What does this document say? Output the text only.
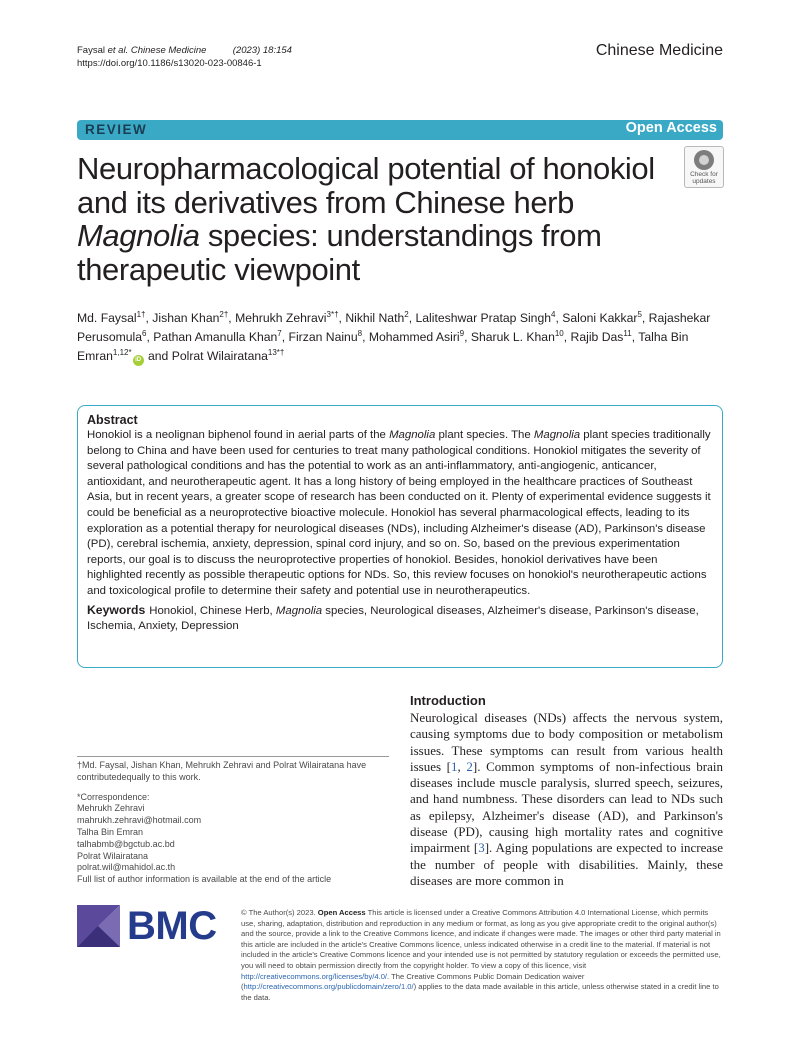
Faysal et al. Chinese Medicine	(2023) 18:154
https://doi.org/10.1186/s13020-023-00846-1
Chinese Medicine
REVIEW	Open Access
Neuropharmacological potential of honokiol and its derivatives from Chinese herb Magnolia species: understandings from therapeutic viewpoint
Check for
updates
Md. Faysal$^{1\dagger}$, Jishan Khan$^{2\dagger}$, Mehrukh Zehravi$^{3*\dagger}$, Nikhil Nath$^2$, Laliteshwar Pratap Singh$^4$, Saloni Kakkar$^5$, Rajashekar Perusomula$^6$, Pathan Amanulla Khan$^7$, Firzan Nainu$^8$, Mohammed Asiri$^9$, Sharuk L. Khan$^{10}$, Rajib Das$^{11}$, Talha Bin Emran$^{1,12*}$iD and Polrat Wilairatana$^{13*\dagger}$
Abstract
Honokiol is a neolignan biphenol found in aerial parts of the Magnolia plant species. The Magnolia plant species traditionally belong to China and have been used for centuries to treat many pathological conditions. Honokiol mitigates the severity of several pathological conditions and has the potential to work as an anti-inflammatory, anti-angiogenic, anticancer, antioxidant, and neurotherapeutic agent. It has a long history of being employed in the healthcare practices of Southeast Asia, but in recent years, a greater scope of research has been conducted on it. Plenty of experimental evidence suggests it could be beneficial as a neuroprotective bioactive molecule. Honokiol has several pharmacological effects, leading to its exploration as a potential therapy for neurological diseases (NDs), including Alzheimer's disease (AD), Parkinson's disease (PD), cerebral ischemia, anxiety, depression, spinal cord injury, and so on. So, based on the previous experimentation reports, our goal is to discuss the neuroprotective properties of honokiol. Besides, honokiol derivatives have been highlighted recently as possible therapeutic options for NDs. So, this review focuses on honokiol's neurotherapeutic actions and toxicological profile to determine their safety and potential use in neurotherapeutics.
Keywords Honokiol, Chinese Herb, Magnolia species, Neurological diseases, Alzheimer's disease, Parkinson's disease, Ischemia, Anxiety, Depression
†Md. Faysal, Jishan Khan, Mehrukh Zehravi and Polrat Wilairatana have contributedequally to this work.
*Correspondence:
Mehrukh Zehravi
mahrukh.zehravi@hotmail.com
Talha Bin Emran
talhabmb@bgctub.ac.bd
Polrat Wilairatana
polrat.wil@mahidol.ac.th
Full list of author information is available at the end of the article
Introduction
Neurological diseases (NDs) affects the nervous system, causing symptoms due to body composition or metabolism issues. These symptoms can result from various health issues [1, 2]. Common symptoms of non-infectious brain diseases include muscle paralysis, slurred speech, seizures, and hand numbness. These disorders can lead to NDs such as epilepsy, Alzheimer's disease (AD), and Parkinson's disease (PD), causing high mortality rates and cognitive impairment [3]. Aging populations are expected to increase the number of people with disabilities. Mainly, these diseases are more common in
BMC	© The Author(s) 2023. Open Access This article is licensed under a Creative Commons Attribution 4.0 International License, which permits use, sharing, adaptation, distribution and reproduction in any medium or format, as long as you give appropriate credit to the original author(s) and the source, provide a link to the Creative Commons licence, and indicate if changes were made. The images or other third party material in this article are included in the article's Creative Commons licence, unless indicated otherwise in a credit line to the material. If material is not included in the article's Creative Commons licence and your intended use is not permitted by statutory regulation or exceeds the permitted use, you will need to obtain permission directly from the copyright holder. To view a copy of this licence, visit http://creativecommons.org/licenses/by/4.0/. The Creative Commons Public Domain Dedication waiver (http://creativecommons.org/publicdomain/zero/1.0/) applies to the data made available in this article, unless otherwise stated in a credit line to the data.
